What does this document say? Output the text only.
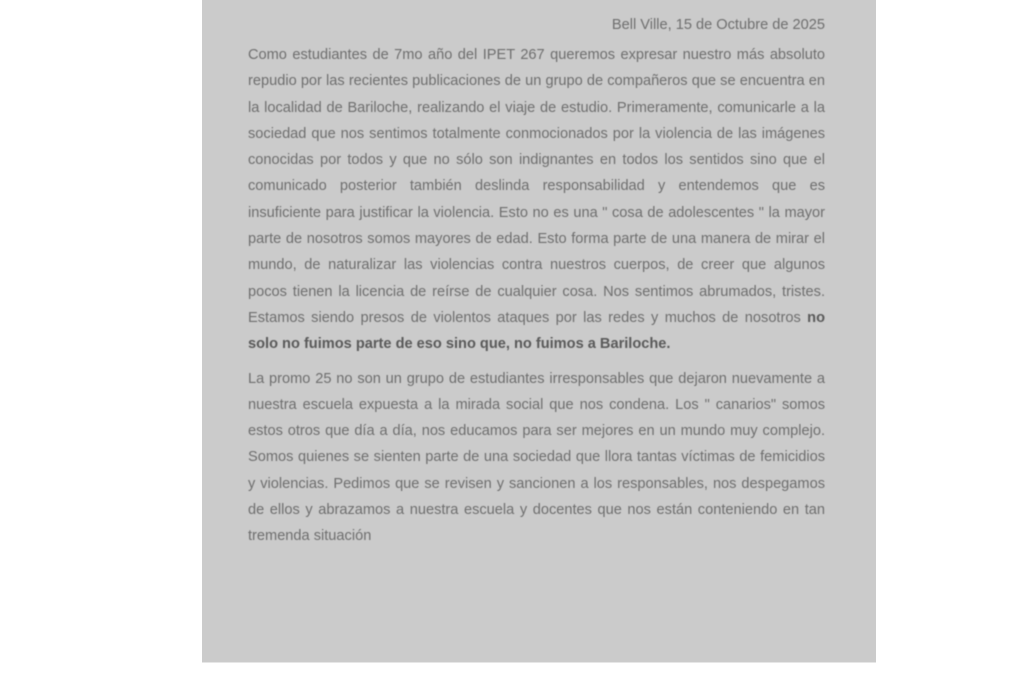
Bell Ville, 15 de Octubre de 2025

Como estudiantes de 7mo año del IPET 267 queremos expresar nuestro más absoluto repudio por las recientes publicaciones de un grupo de compañeros que se encuentra en la localidad de Bariloche, realizando el viaje de estudio. Primeramente, comunicarle a la sociedad que nos sentimos totalmente conmocionados por la violencia de las imágenes conocidas por todos y que no sólo son indignantes en todos los sentidos sino que el comunicado posterior también deslinda responsabilidad y entendemos que es insuficiente para justificar la violencia. Esto no es una " cosa de adolescentes " la mayor parte de nosotros somos mayores de edad. Esto forma parte de una manera de mirar el mundo, de naturalizar las violencias contra nuestros cuerpos, de creer que algunos pocos tienen la licencia de reírse de cualquier cosa. Nos sentimos abrumados, tristes. Estamos siendo presos de violentos ataques por las redes y muchos de nosotros no solo no fuimos parte de eso sino que, no fuimos a Bariloche.

La promo 25 no son un grupo de estudiantes irresponsables que dejaron nuevamente a nuestra escuela expuesta a la mirada social que nos condena. Los " canarios" somos estos otros que día a día, nos educamos para ser mejores en un mundo muy complejo. Somos quienes se sienten parte de una sociedad que llora tantas víctimas de femicidios y violencias. Pedimos que se revisen y sancionen a los responsables, nos despegamos de ellos y abrazamos a nuestra escuela y docentes que nos están conteniendo en tan tremenda situación
